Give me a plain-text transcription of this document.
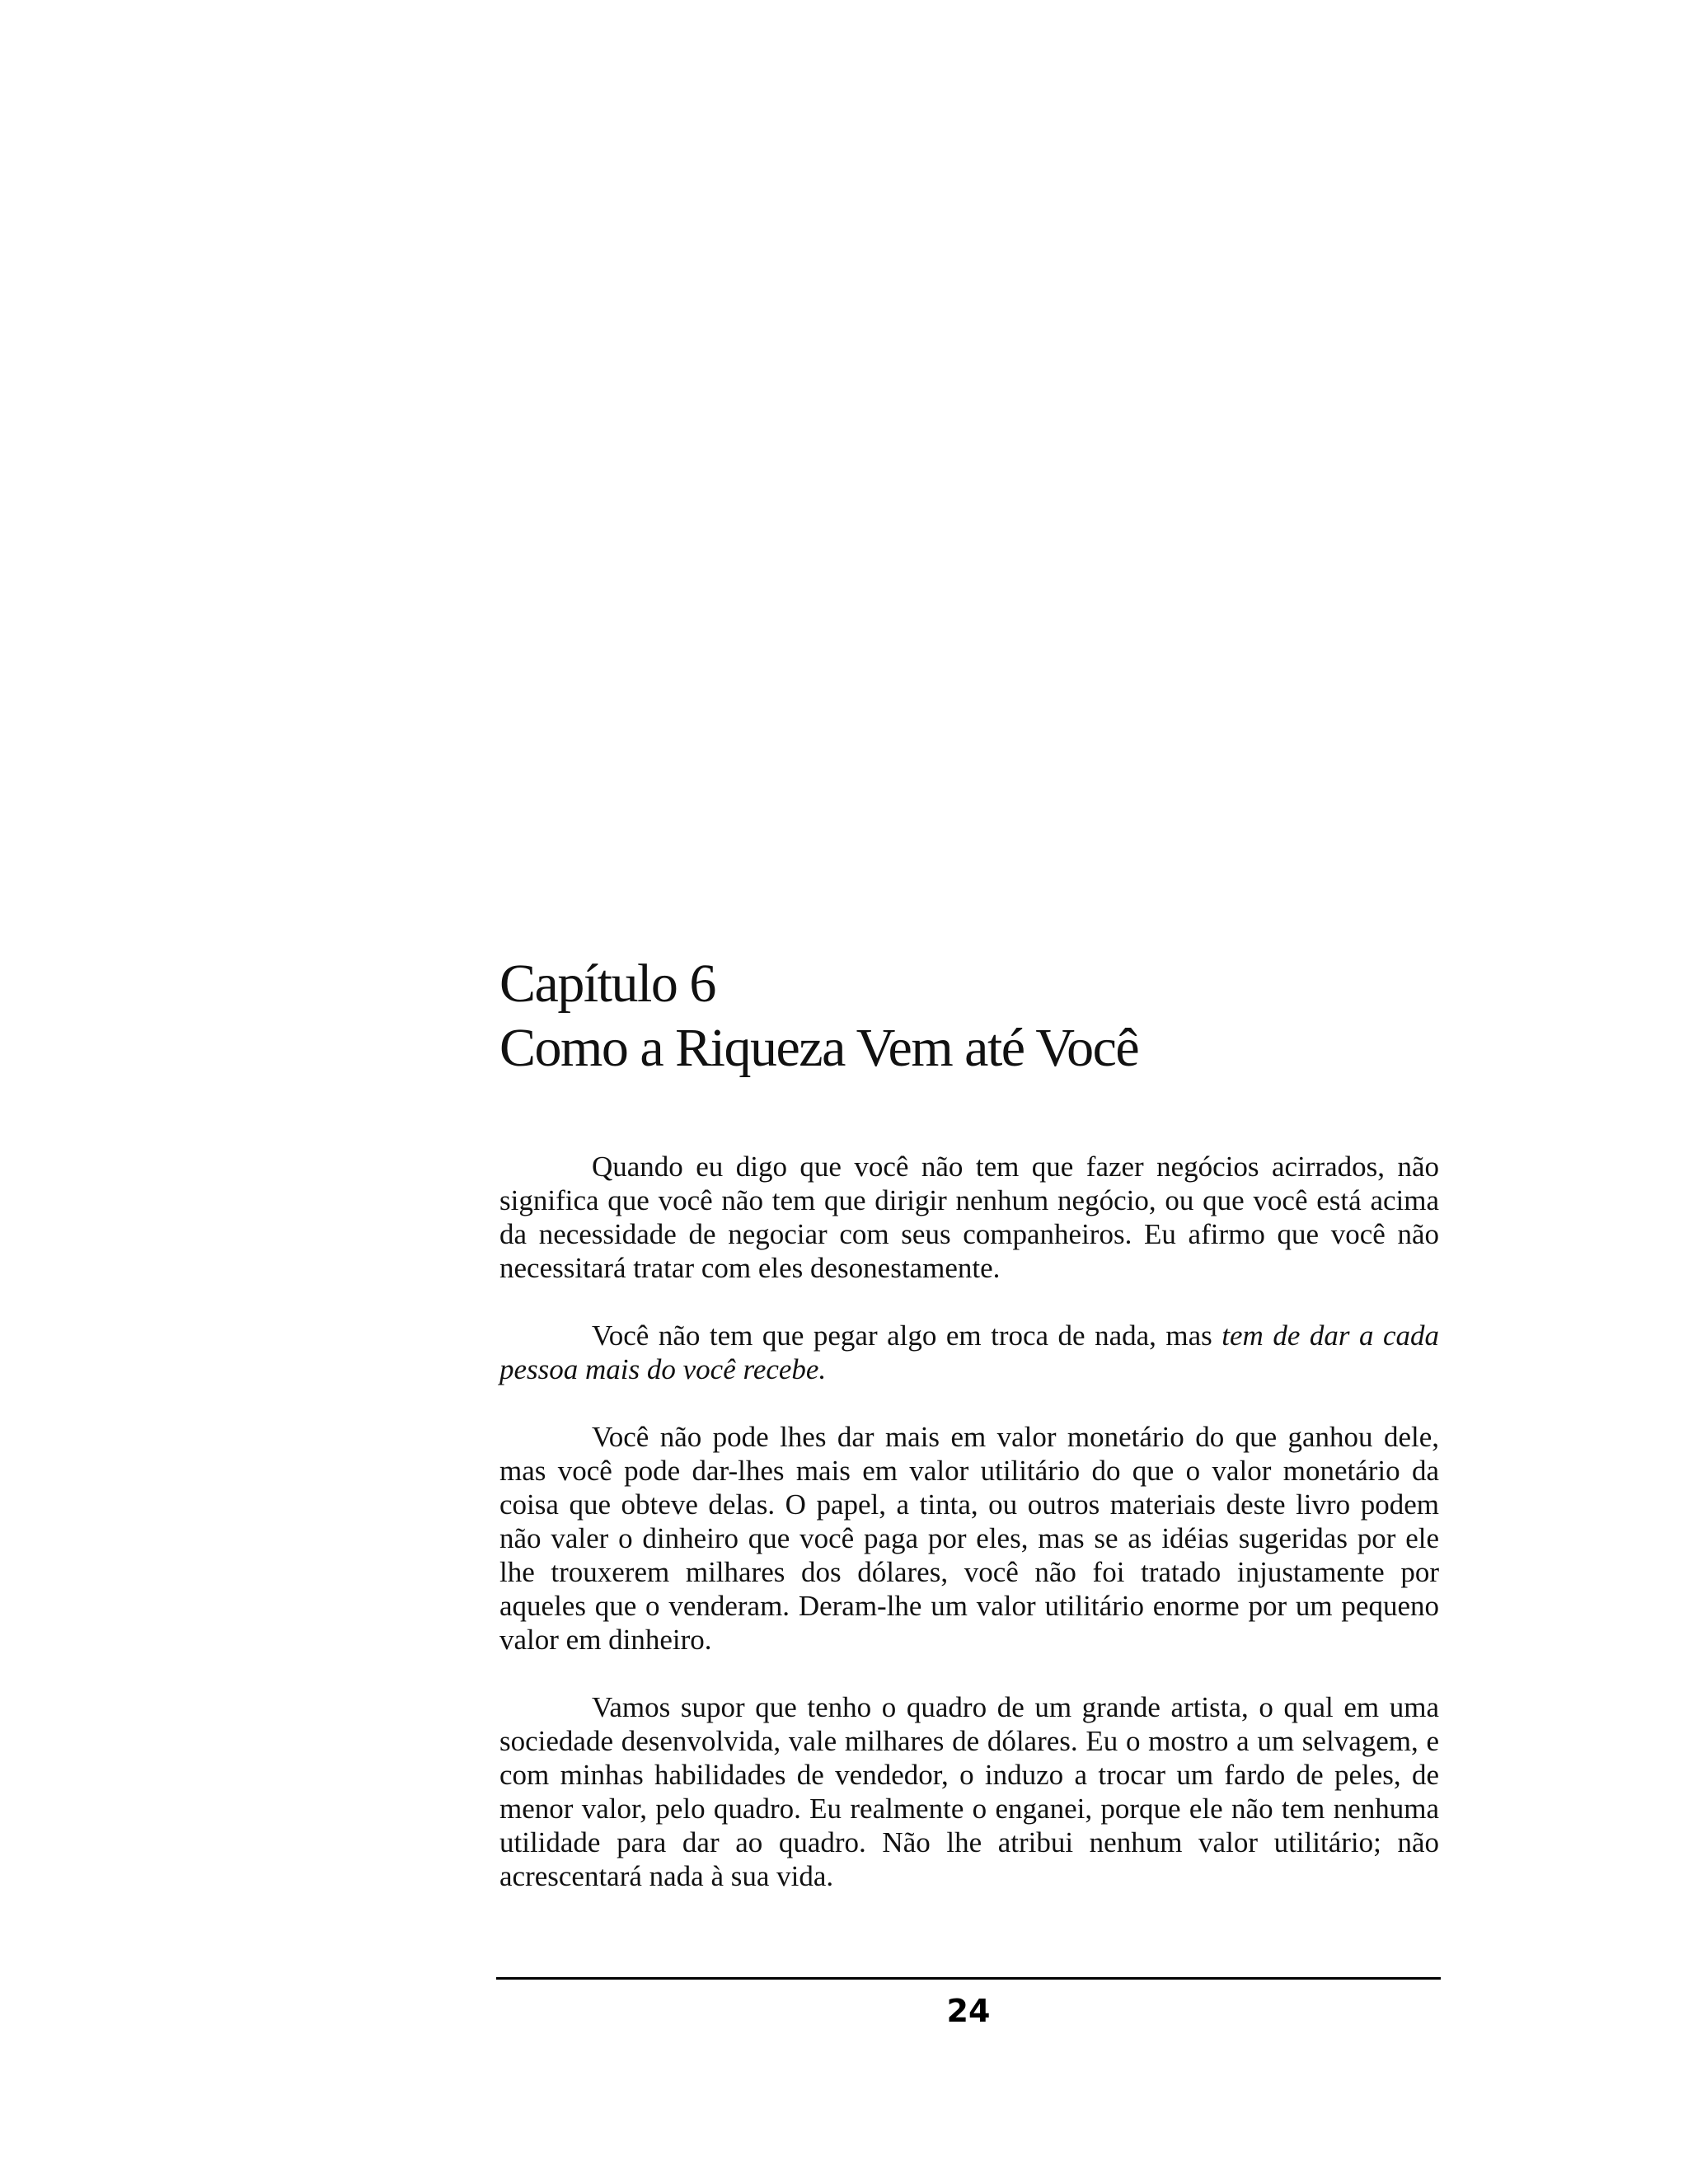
Capítulo 6
Como a Riqueza Vem até Você

Quando eu digo que você não tem que fazer negócios acirrados, não significa que você não tem que dirigir nenhum negócio, ou que você está acima da necessidade de negociar com seus companheiros. Eu afirmo que você não necessitará tratar com eles desonestamente.

Você não tem que pegar algo em troca de nada, mas tem de dar a cada pessoa mais do você recebe.

Você não pode lhes dar mais em valor monetário do que ganhou dele, mas você pode dar-lhes mais em valor utilitário do que o valor monetário da coisa que obteve delas. O papel, a tinta, ou outros materiais deste livro podem não valer o dinheiro que você paga por eles, mas se as idéias sugeridas por ele lhe trouxerem milhares dos dólares, você não foi tratado injustamente por aqueles que o venderam. Deram-lhe um valor utilitário enorme por um pequeno valor em dinheiro.

Vamos supor que tenho o quadro de um grande artista, o qual em uma sociedade desenvolvida, vale milhares de dólares. Eu o mostro a um selvagem, e com minhas habilidades de vendedor, o induzo a trocar um fardo de peles, de menor valor, pelo quadro. Eu realmente o enganei, porque ele não tem nenhuma utilidade para dar ao quadro. Não lhe atribui nenhum valor utilitário; não acrescentará nada à sua vida.

24
